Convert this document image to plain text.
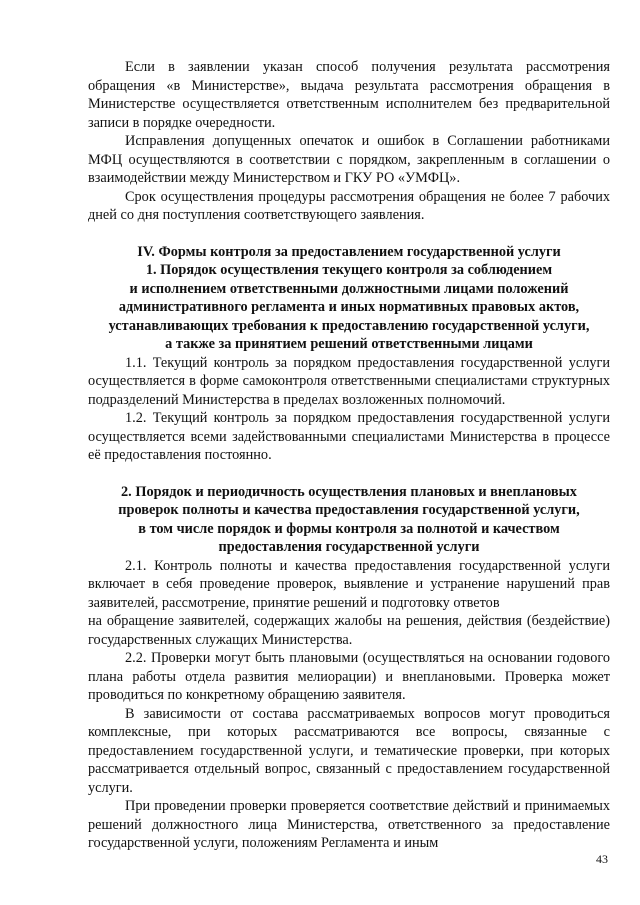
Если в заявлении указан способ получения результата рассмотрения обращения «в Министерстве», выдача результата рассмотрения обращения в Министерстве осуществляется ответственным исполнителем без предварительной записи в порядке очередности.

Исправления допущенных опечаток и ошибок в Соглашении работниками МФЦ осуществляются в соответствии с порядком, закрепленным в соглашении о взаимодействии между Министерством и ГКУ РО «УМФЦ».

Срок осуществления процедуры рассмотрения обращения не более 7 рабочих дней со дня поступления соответствующего заявления.

IV. Формы контроля за предоставлением государственной услуги

1. Порядок осуществления текущего контроля за соблюдением

и исполнением ответственными должностными лицами положений

административного регламента и иных нормативных правовых актов,

устанавливающих требования к предоставлению государственной услуги,

а также за принятием решений ответственными лицами

1.1. Текущий контроль за порядком предоставления государственной услуги осуществляется в форме самоконтроля ответственными специалистами структурных подразделений Министерства в пределах возложенных полномочий.

1.2. Текущий контроль за порядком предоставления государственной услуги осуществляется всеми задействованными специалистами Министерства в процессе её предоставления постоянно.

2. Порядок и периодичность осуществления плановых и внеплановых

проверок полноты и качества предоставления государственной услуги,

в том числе порядок и формы контроля за полнотой и качеством

предоставления государственной услуги

2.1. Контроль полноты и качества предоставления государственной услуги включает в себя проведение проверок, выявление и устранение нарушений прав заявителей, рассмотрение, принятие решений и подготовку ответов

на обращение заявителей, содержащих жалобы на решения, действия (бездействие) государственных служащих Министерства.

2.2. Проверки могут быть плановыми (осуществляться на основании годового плана работы отдела развития мелиорации) и внеплановыми. Проверка может проводиться по конкретному обращению заявителя.

В зависимости от состава рассматриваемых вопросов могут проводиться комплексные, при которых рассматриваются все вопросы, связанные с предоставлением государственной услуги, и тематические проверки, при которых рассматривается отдельный вопрос, связанный с предоставлением государственной услуги.

При проведении проверки проверяется соответствие действий и принимаемых решений должностного лица Министерства, ответственного за предоставление государственной услуги, положениям Регламента и иным

43
